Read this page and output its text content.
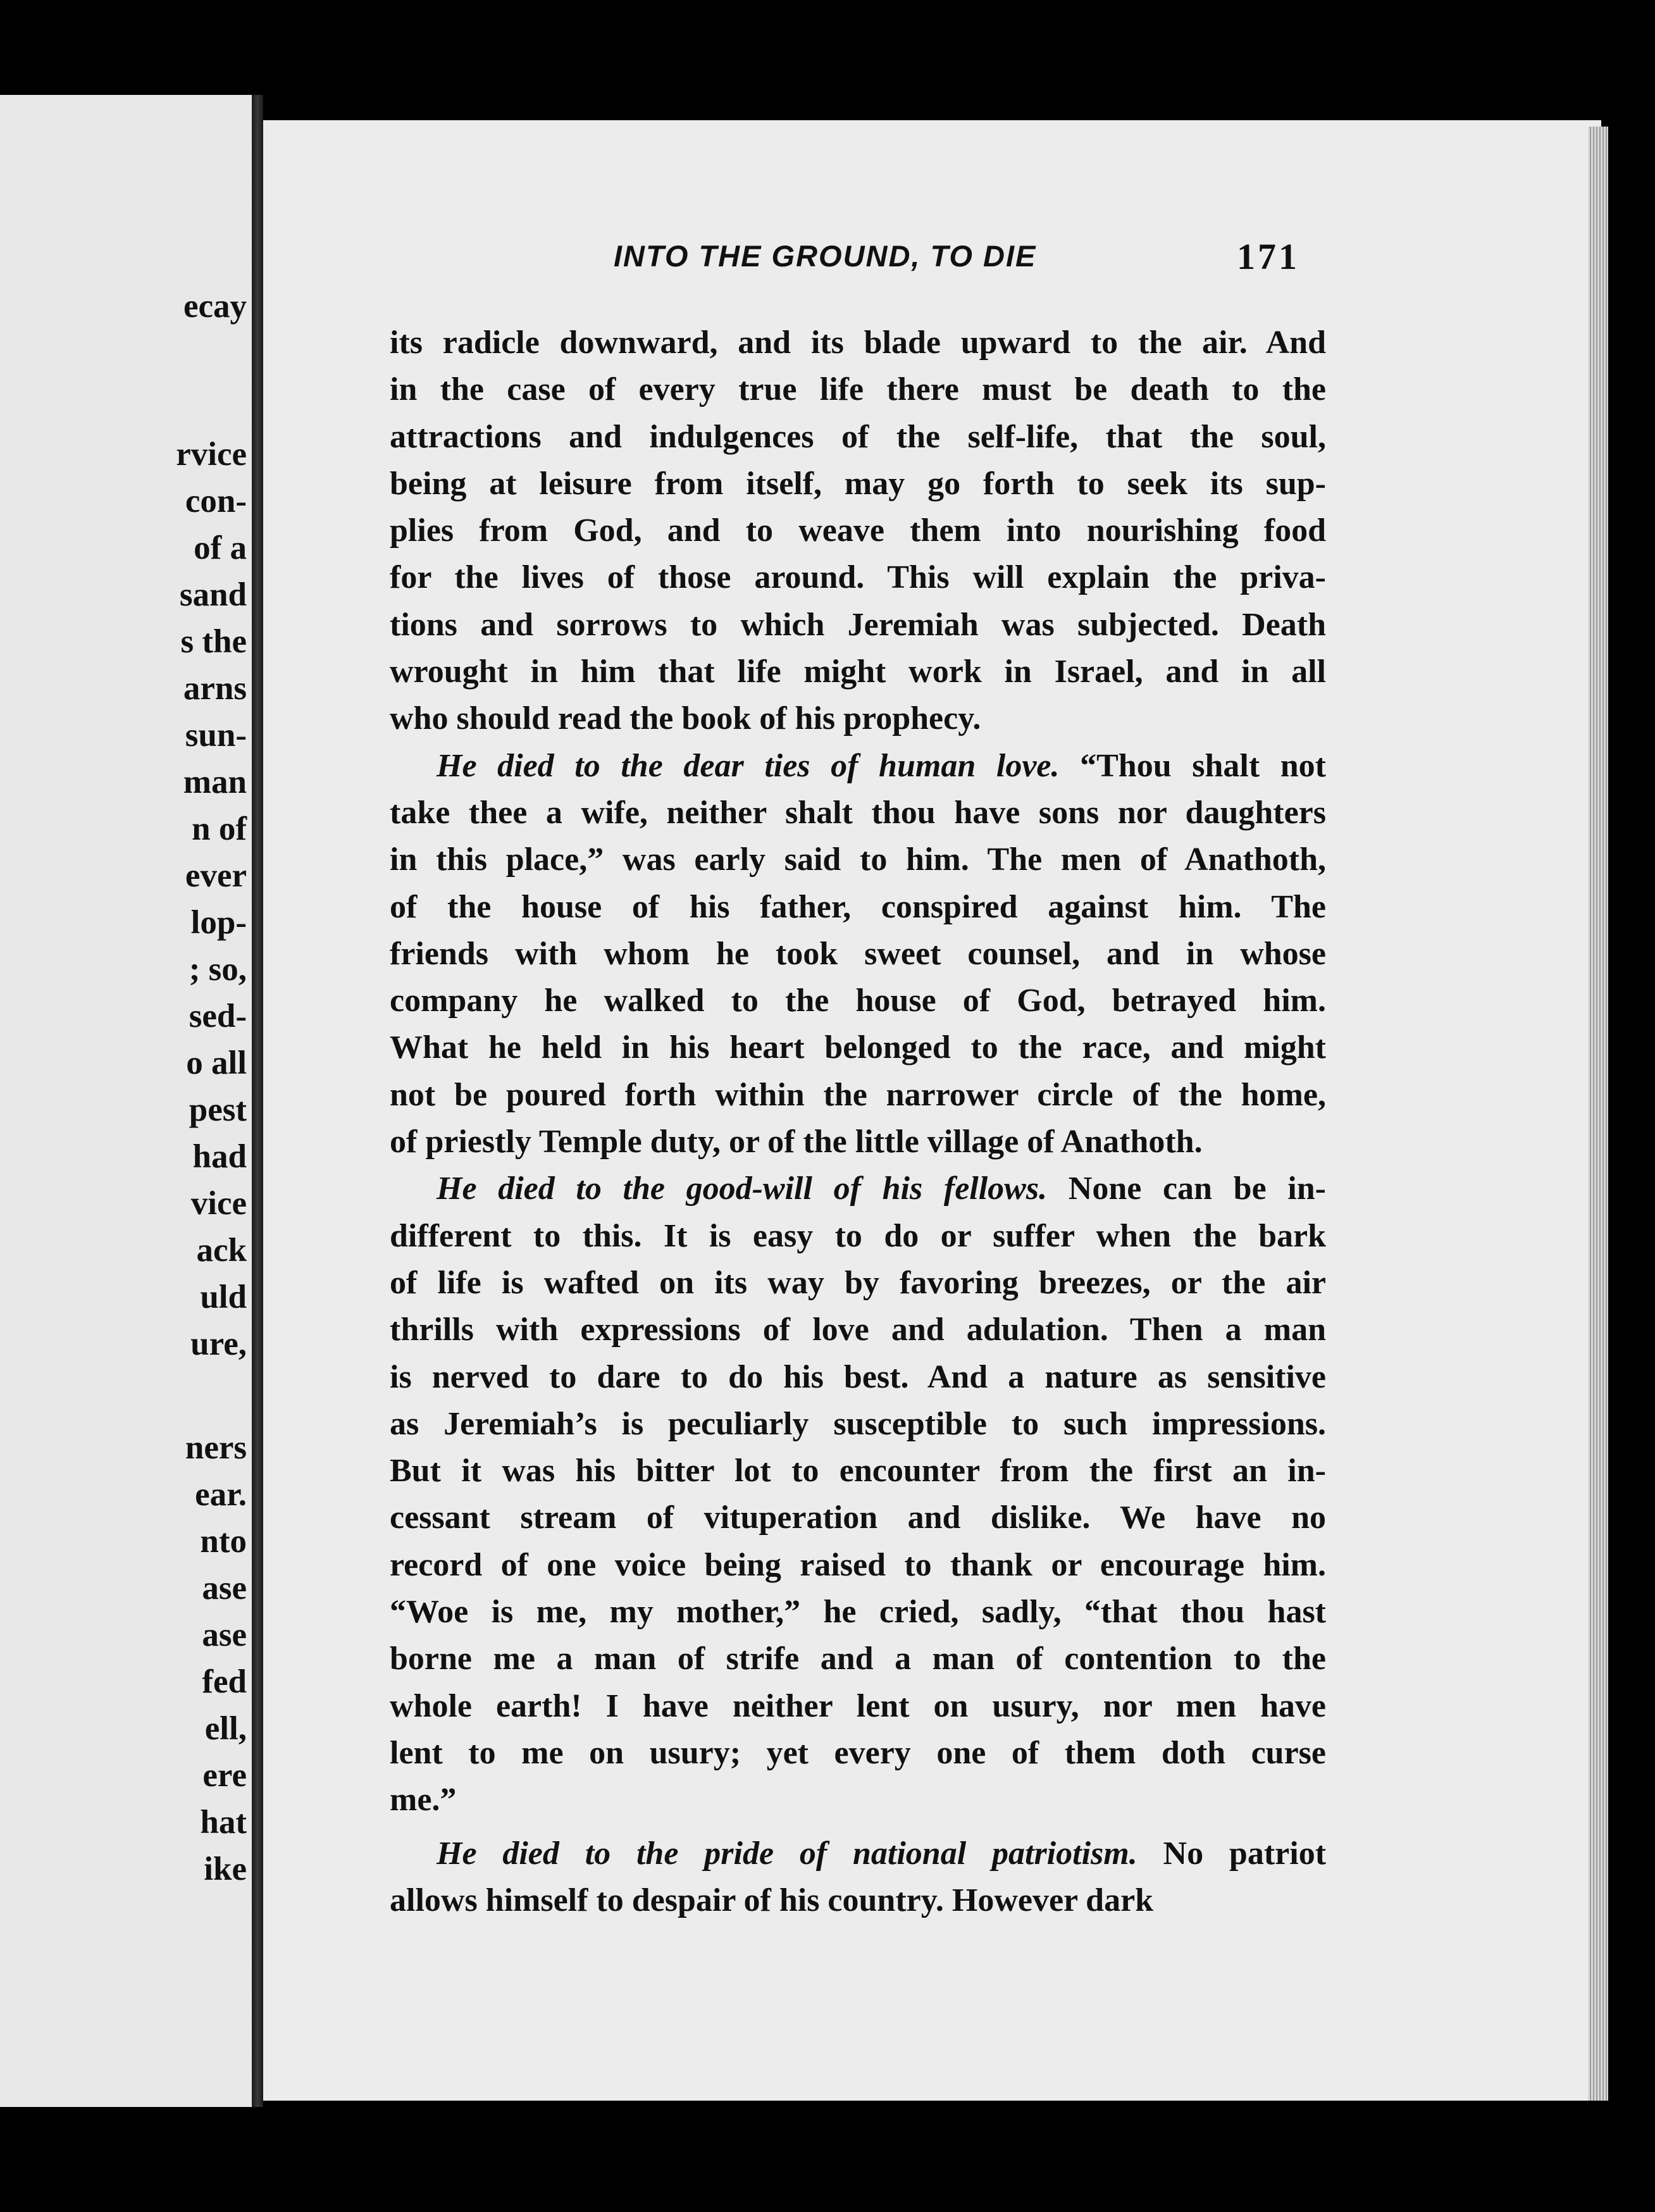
ecay
rvice
con-
of a
sand
s the
arns
sun-
man
n of
ever
lop-
; so,
sed-
o all
pest
had
vice
ack
uld
ure,
ners
ear.
nto
ase
ase
fed
ell,
ere
hat
ike
INTO THE GROUND, TO DIE	171
its radicle downward, and its blade upward to the air. And
in the case of every true life there must be death to the
attractions and indulgences of the self-life, that the soul,
being at leisure from itself, may go forth to seek its sup-
plies from God, and to weave them into nourishing food
for the lives of those around. This will explain the priva-
tions and sorrows to which Jeremiah was subjected. Death
wrought in him that life might work in Israel, and in all
who should read the book of his prophecy.
He died to the dear ties of human love. “Thou shalt not
take thee a wife, neither shalt thou have sons nor daughters
in this place,” was early said to him. The men of Anathoth,
of the house of his father, conspired against him. The
friends with whom he took sweet counsel, and in whose
company he walked to the house of God, betrayed him.
What he held in his heart belonged to the race, and might
not be poured forth within the narrower circle of the home,
of priestly Temple duty, or of the little village of Anathoth.
He died to the good-will of his fellows. None can be in-
different to this. It is easy to do or suffer when the bark
of life is wafted on its way by favoring breezes, or the air
thrills with expressions of love and adulation. Then a man
is nerved to dare to do his best. And a nature as sensitive
as Jeremiah’s is peculiarly susceptible to such impressions.
But it was his bitter lot to encounter from the first an in-
cessant stream of vituperation and dislike. We have no
record of one voice being raised to thank or encourage him.
“Woe is me, my mother,” he cried, sadly, “that thou hast
borne me a man of strife and a man of contention to the
whole earth! I have neither lent on usury, nor men have
lent to me on usury; yet every one of them doth curse
me.”
He died to the pride of national patriotism. No patriot
allows himself to despair of his country. However dark
